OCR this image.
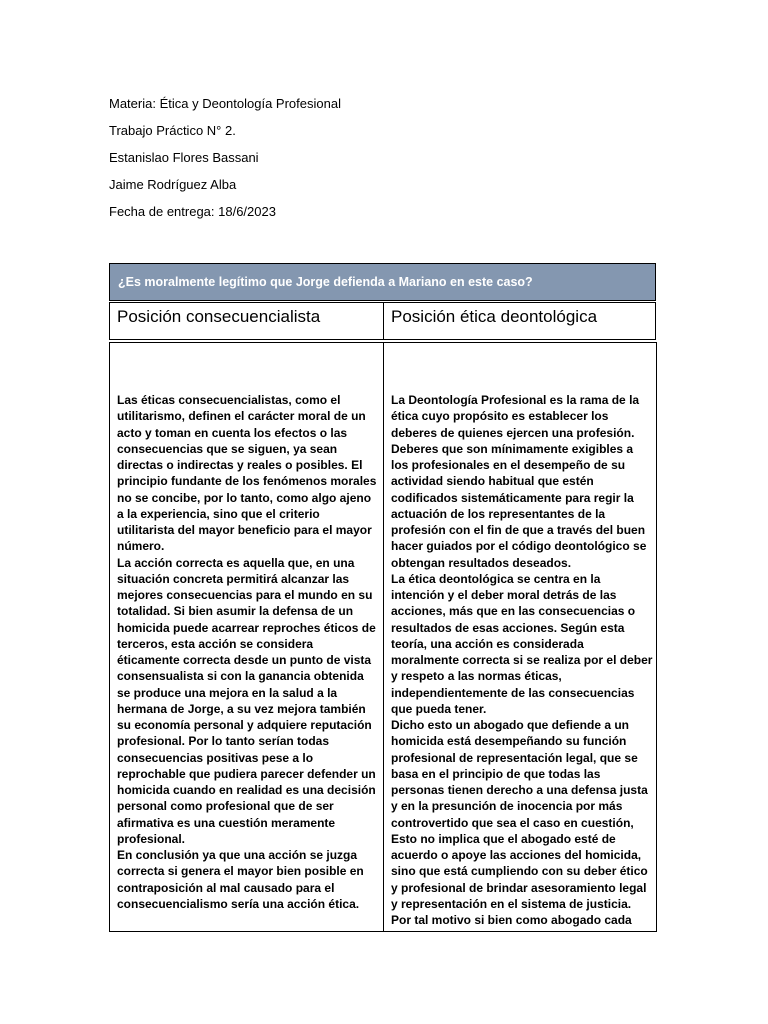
Materia: Ética y Deontología Profesional
Trabajo Práctico N° 2.
Estanislao Flores Bassani
Jaime Rodríguez Alba
Fecha de entrega: 18/6/2023
¿Es moralmente legítimo que Jorge defienda a Mariano en este caso?
Posición consecuencialista	Posición ética deontológica

Las éticas consecuencialistas, como el utilitarismo, definen el carácter moral de un acto y toman en cuenta los efectos o las consecuencias que se siguen, ya sean directas o indirectas y reales o posibles. El principio fundante de los fenómenos morales no se concibe, por lo tanto, como algo ajeno a la experiencia, sino que el criterio utilitarista del mayor beneficio para el mayor número.

La acción correcta es aquella que, en una situación concreta permitirá alcanzar las mejores consecuencias para el mundo en su totalidad. Si bien asumir la defensa de un homicida puede acarrear reproches éticos de terceros, esta acción se considera éticamente correcta desde un punto de vista consensualista si con la ganancia obtenida se produce una mejora en la salud a la hermana de Jorge, a su vez mejora también su economía personal y adquiere reputación profesional. Por lo tanto serían todas consecuencias positivas pese a lo reprochable que pudiera parecer defender un homicida cuando en realidad es una decisión personal como profesional que de ser afirmativa es una cuestión meramente profesional.

En conclusión ya que una acción se juzga correcta si genera el mayor bien posible en contraposición al mal causado para el consecuencialismo sería una acción ética.

La Deontología Profesional es la rama de la ética cuyo propósito es establecer los deberes de quienes ejercen una profesión. Deberes que son mínimamente exigibles a los profesionales en el desempeño de su actividad siendo habitual que estén codificados sistemáticamente para regir la actuación de los representantes de la profesión con el fin de que a través del buen hacer guiados por el código deontológico se obtengan resultados deseados.

La ética deontológica se centra en la intención y el deber moral detrás de las acciones, más que en las consecuencias o resultados de esas acciones. Según esta teoría, una acción es considerada moralmente correcta si se realiza por el deber y respeto a las normas éticas, independientemente de las consecuencias que pueda tener.

Dicho esto un abogado que defiende a un homicida está desempeñando su función profesional de representación legal, que se basa en el principio de que todas las personas tienen derecho a una defensa justa y en la presunción de inocencia por más controvertido que sea el caso en cuestión, Esto no implica que el abogado esté de acuerdo o apoye las acciones del homicida, sino que está cumpliendo con su deber ético y profesional de brindar asesoramiento legal y representación en el sistema de justicia. Por tal motivo si bien como abogado cada
